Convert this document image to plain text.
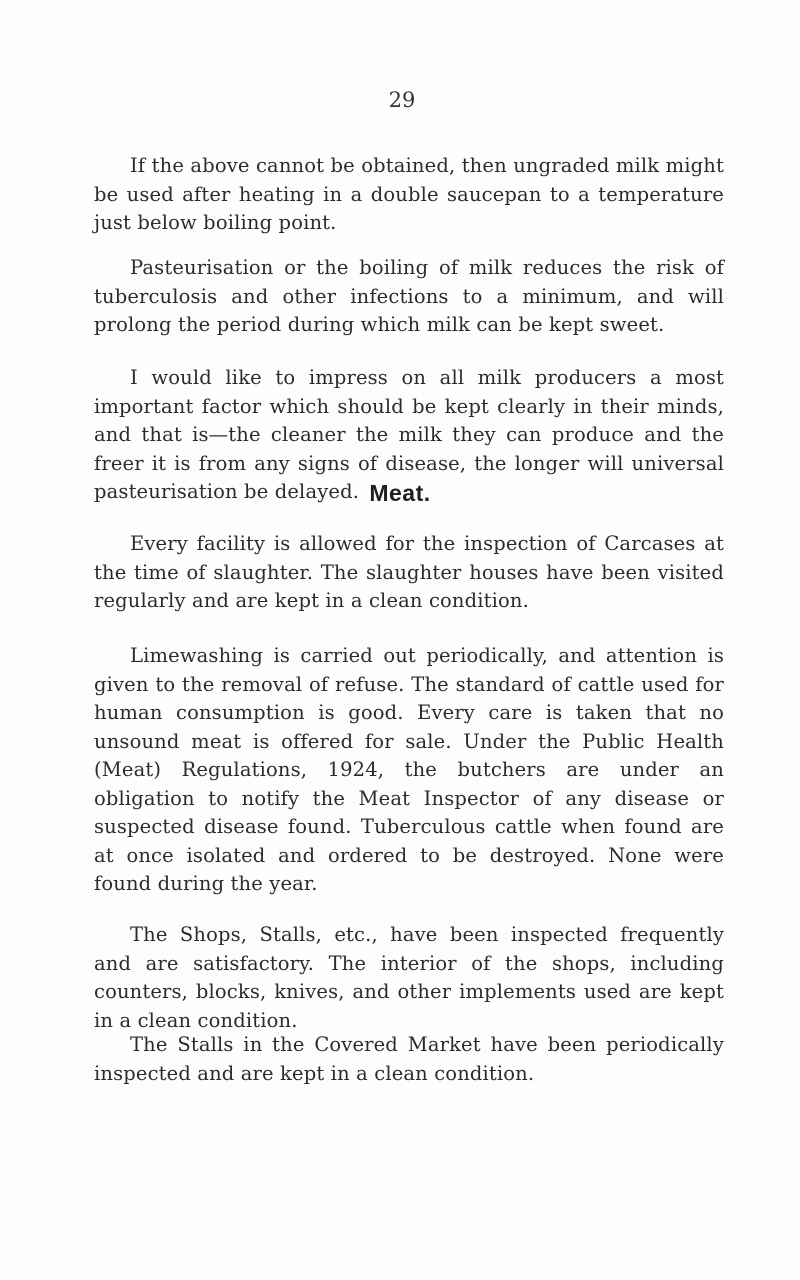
29

If the above cannot be obtained, then ungraded milk might be used after heating in a double saucepan to a temperature just below boiling point.

Pasteurisation or the boiling of milk reduces the risk of tuberculosis and other infections to a minimum, and will prolong the period during which milk can be kept sweet.

I would like to impress on all milk producers a most important factor which should be kept clearly in their minds, and that is—the cleaner the milk they can produce and the freer it is from any signs of disease, the longer will universal pasteurisation be delayed. Meat.

Every facility is allowed for the inspection of Carcases at the time of slaughter. The slaughter houses have been visited regularly and are kept in a clean condition.

Limewashing is carried out periodically, and attention is given to the removal of refuse. The standard of cattle used for human consumption is good. Every care is taken that no unsound meat is offered for sale. Under the Public Health (Meat) Regulations, 1924, the butchers are under an obligation to notify the Meat Inspector of any disease or suspected disease found. Tuberculous cattle when found are at once isolated and ordered to be destroyed. None were found during the year.

The Shops, Stalls, etc., have been inspected frequently and are satisfactory. The interior of the shops, including counters, blocks, knives, and other implements used are kept in a clean condition.

The Stalls in the Covered Market have been periodically inspected and are kept in a clean condition.
